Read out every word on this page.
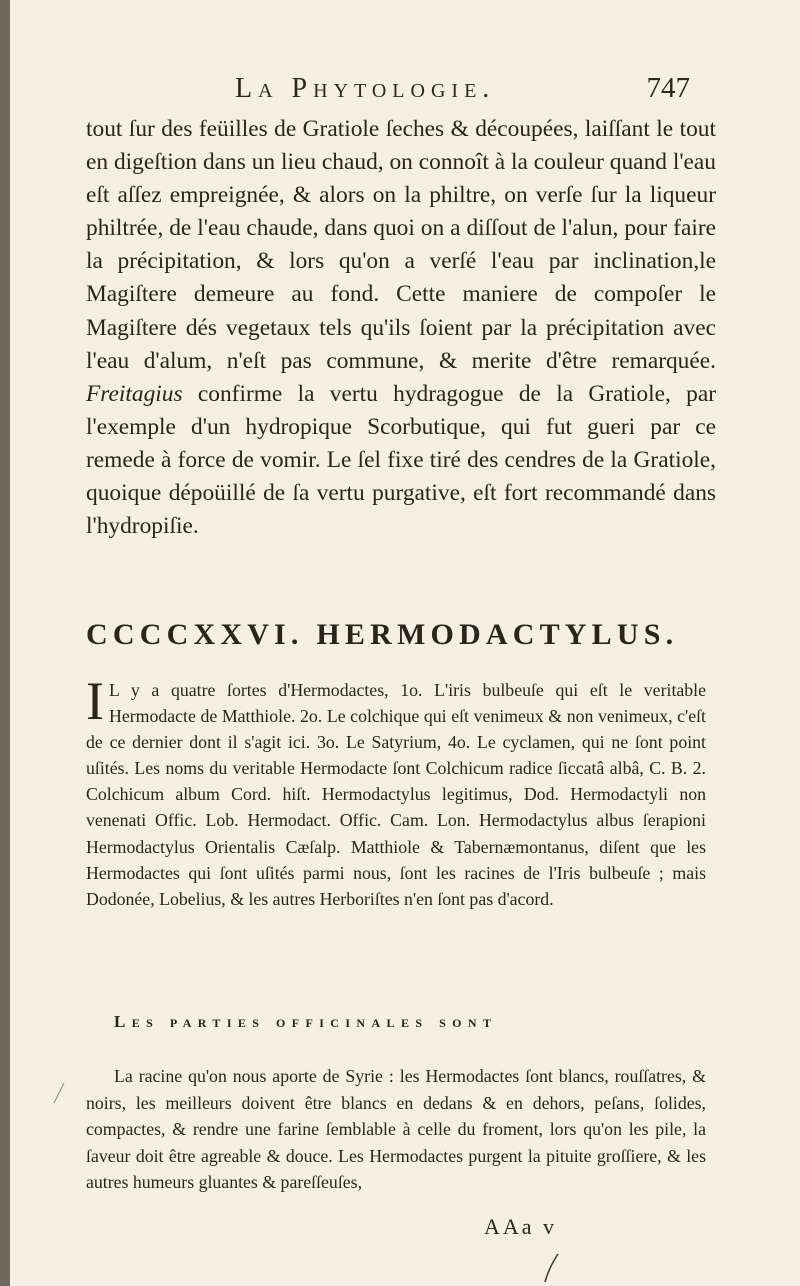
La Phytologie.	747

tout ſur des feüilles de Gratiole ſeches & découpées, laiſſant le tout en digeſtion dans un lieu chaud, on connoît à la couleur quand l'eau eſt aſſez empreignée, & alors on la philtre, on verſe ſur la liqueur philtrée, de l'eau chaude, dans quoi on a diſſout de l'alun, pour faire la précipitation, & lors qu'on a verſé l'eau par inclination,le Magiſtere demeure au fond. Cette maniere de compoſer le Magiſtere dés vegetaux tels qu'ils ſoient par la précipitation avec l'eau d'alum, n'eſt pas commune, & merite d'être remarquée. Freitagius confirme la vertu hydragogue de la Gratiole, par l'exemple d'un hydropique Scorbutique, qui fut gueri par ce remede à force de vomir. Le ſel fixe tiré des cendres de la Gratiole, quoique dépoüillé de ſa vertu purgative, eſt fort recommandé dans l'hydropiſie.

CCCCXXVI. HERMODACTYLUS.

I L y a quatre ſortes d'Hermodactes, 1o. L'iris bulbeuſe qui eſt le veritable Hermodacte de Matthiole. 2o. Le colchique qui eſt venimeux & non venimeux, c'eſt de ce dernier dont il s'agit ici. 3o. Le Satyrium, 4o. Le cyclamen, qui ne ſont point uſités. Les noms du veritable Hermodacte ſont Colchicum radice ſiccatâ albâ, C. B. 2. Colchicum album Cord. hiſt. Hermodactylus legitimus, Dod. Hermodactyli non venenati Offic. Lob. Hermodact. Offic. Cam. Lon. Hermodactylus albus ſerapioni Hermodactylus Orientalis Cæſalp. Matthiole & Tabernæmontanus, diſent que les Hermodactes qui ſont uſités parmi nous, ſont les racines de l'Iris bulbeuſe ; mais Dodonée, Lobelius, & les autres Herboriſtes n'en ſont pas d'acord.

Les parties officinales sont

La racine qu'on nous aporte de Syrie : les Hermodactes ſont blancs, rouſſatres, & noirs, les meilleurs doivent être blancs en dedans & en dehors, peſans, ſolides, compactes, & rendre une farine ſemblable à celle du froment, lors qu'on les pile, la ſaveur doit être agreable & douce. Les Hermodactes purgent la pituite groſſiere, & les autres humeurs gluantes & pareſſeuſes,

AAa v
